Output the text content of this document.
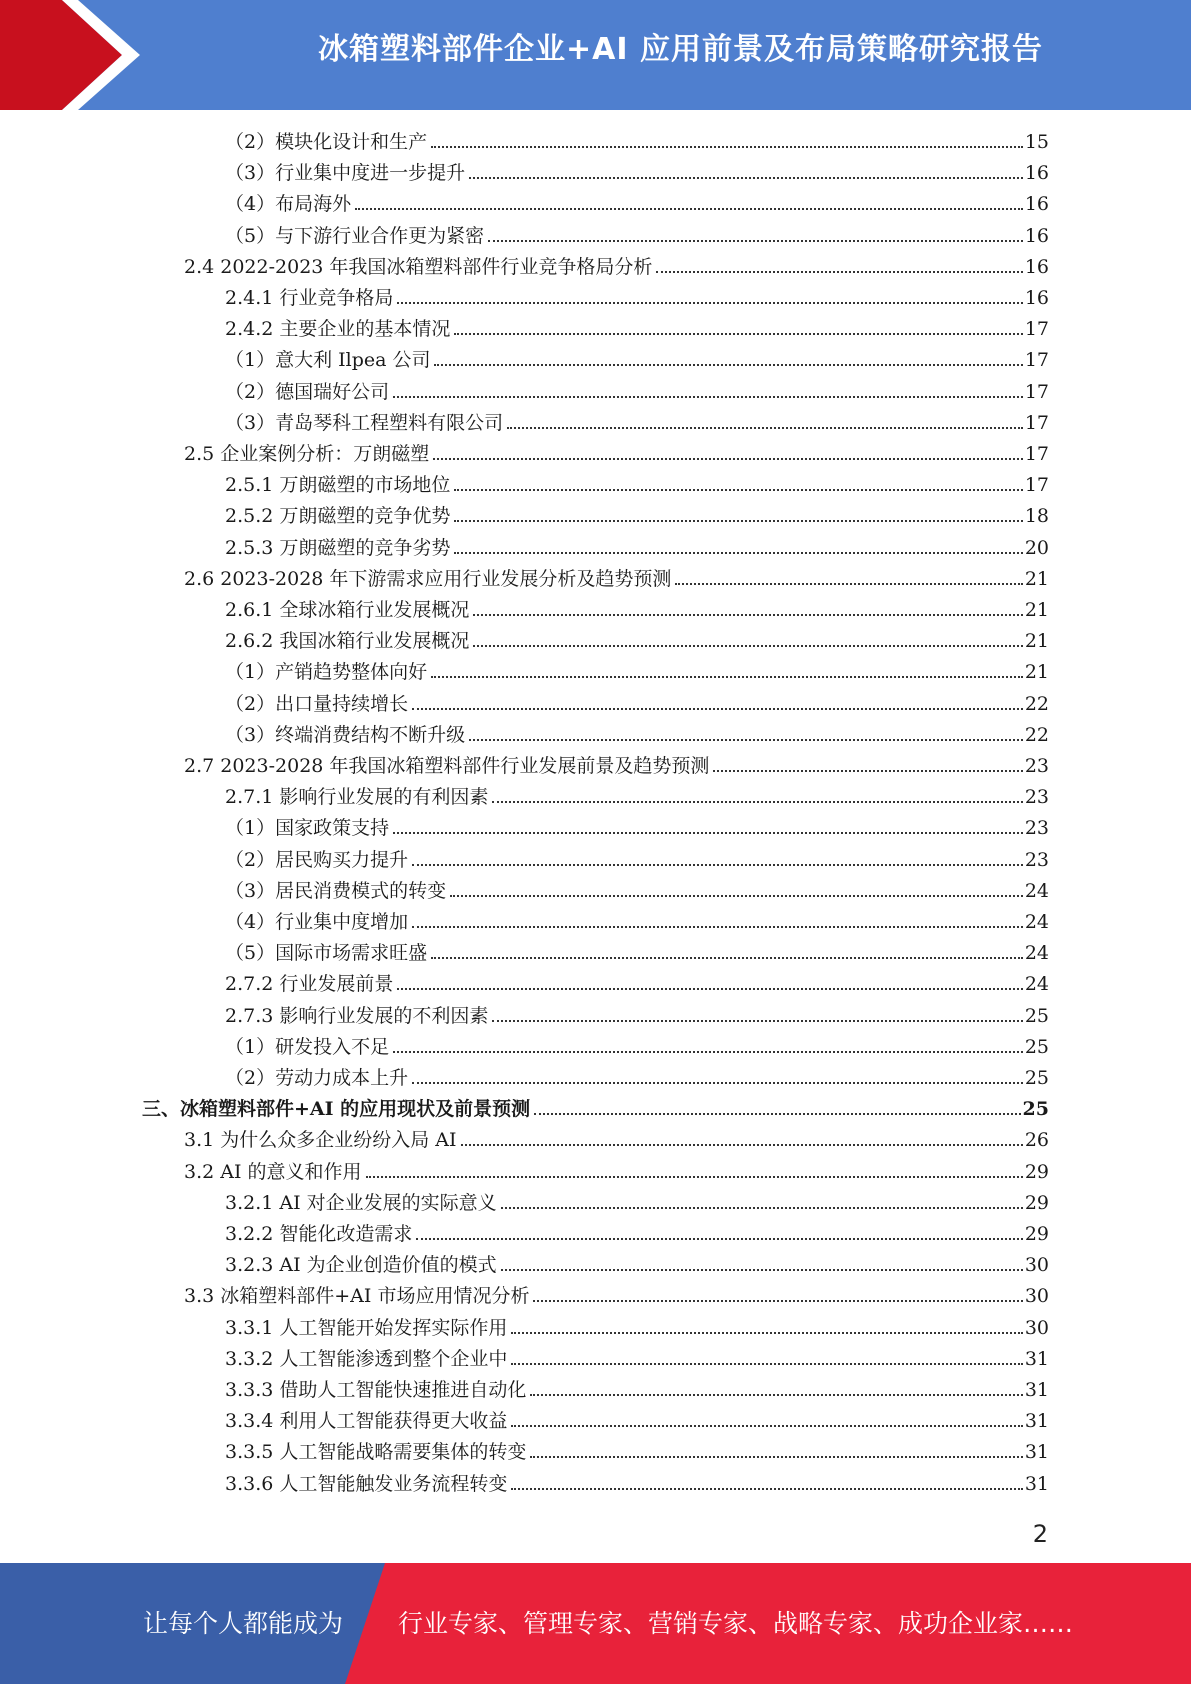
冰箱塑料部件企业+AI 应用前景及布局策略研究报告
（2）模块化设计和生产	15
（3）行业集中度进一步提升	16
（4）布局海外	16
（5）与下游行业合作更为紧密	16
2.4 2022-2023 年我国冰箱塑料部件行业竞争格局分析	16
2.4.1 行业竞争格局	16
2.4.2 主要企业的基本情况	17
（1）意大利 Ilpea 公司	17
（2）德国瑞好公司	17
（3）青岛琴科工程塑料有限公司	17
2.5 企业案例分析：万朗磁塑	17
2.5.1 万朗磁塑的市场地位	17
2.5.2 万朗磁塑的竞争优势	18
2.5.3 万朗磁塑的竞争劣势	20
2.6 2023-2028 年下游需求应用行业发展分析及趋势预测	21
2.6.1 全球冰箱行业发展概况	21
2.6.2 我国冰箱行业发展概况	21
（1）产销趋势整体向好	21
（2）出口量持续增长	22
（3）终端消费结构不断升级	22
2.7 2023-2028 年我国冰箱塑料部件行业发展前景及趋势预测	23
2.7.1 影响行业发展的有利因素	23
（1）国家政策支持	23
（2）居民购买力提升	23
（3）居民消费模式的转变	24
（4）行业集中度增加	24
（5）国际市场需求旺盛	24
2.7.2 行业发展前景	24
2.7.3 影响行业发展的不利因素	25
（1）研发投入不足	25
（2）劳动力成本上升	25
三、冰箱塑料部件+AI 的应用现状及前景预测	25
3.1 为什么众多企业纷纷入局 AI	26
3.2 AI 的意义和作用	29
3.2.1 AI 对企业发展的实际意义	29
3.2.2 智能化改造需求	29
3.2.3 AI 为企业创造价值的模式	30
3.3 冰箱塑料部件+AI 市场应用情况分析	30
3.3.1 人工智能开始发挥实际作用	30
3.3.2 人工智能渗透到整个企业中	31
3.3.3 借助人工智能快速推进自动化	31
3.3.4 利用人工智能获得更大收益	31
3.3.5 人工智能战略需要集体的转变	31
3.3.6 人工智能触发业务流程转变	31
2
让每个人都能成为 行业专家、管理专家、营销专家、战略专家、成功企业家……
